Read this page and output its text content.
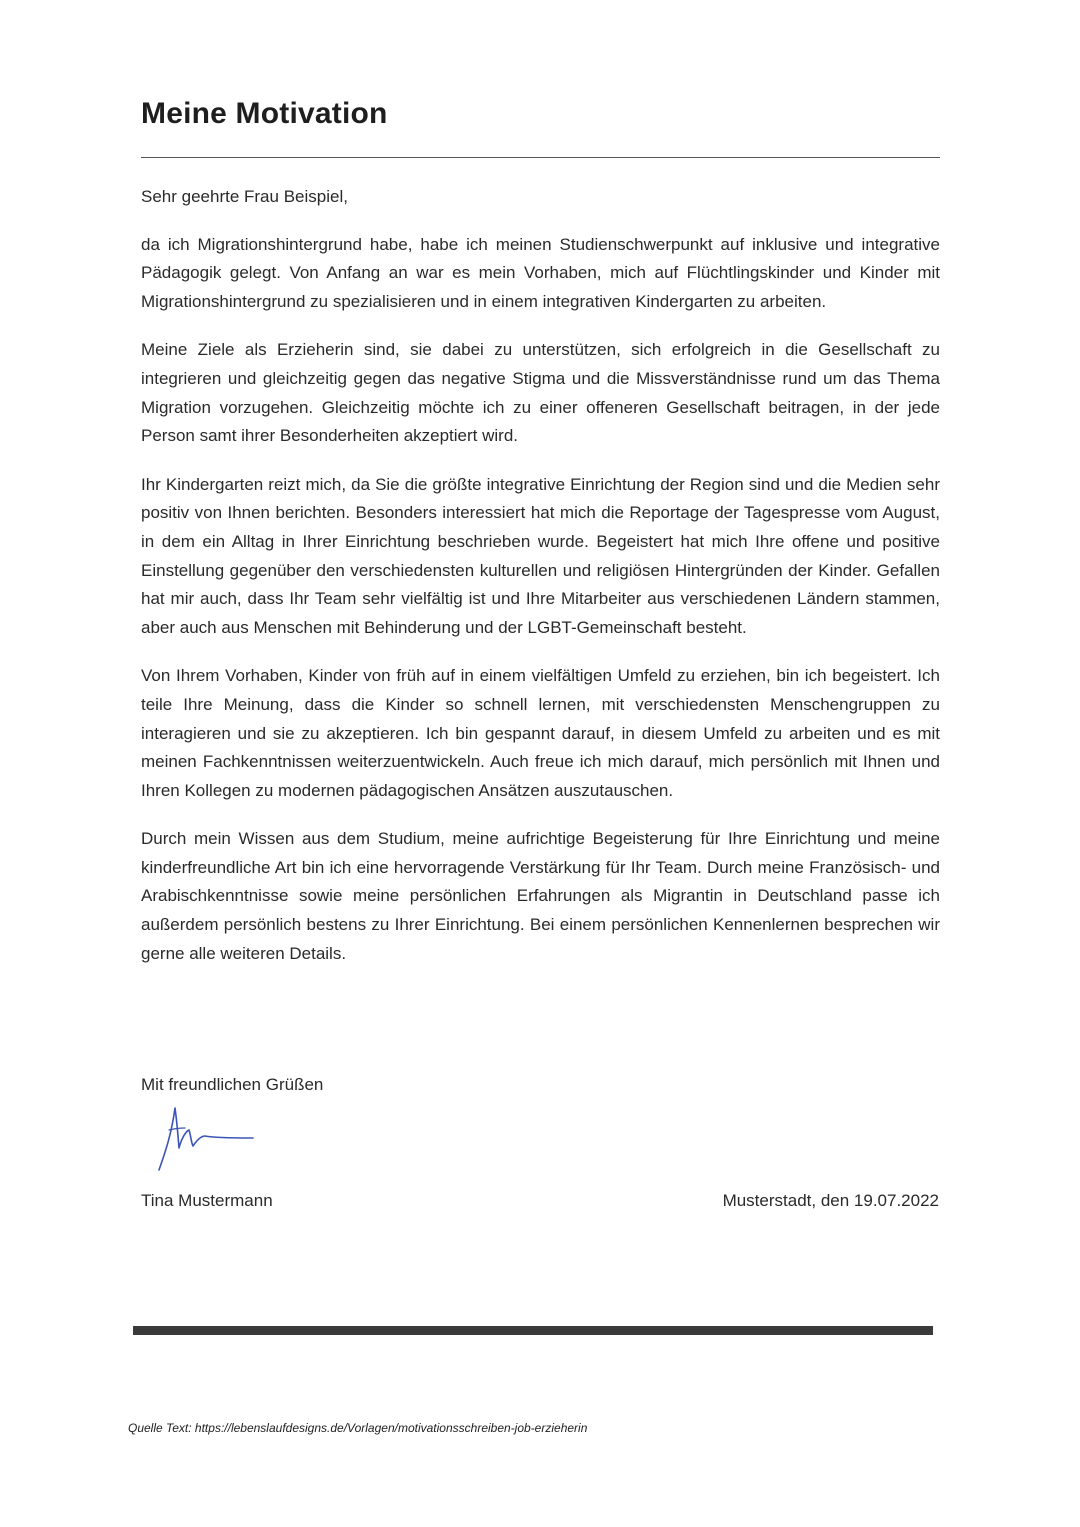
Meine Motivation

Sehr geehrte Frau Beispiel,

da ich Migrationshintergrund habe, habe ich meinen Studienschwerpunkt auf inklusive und integrative Pädagogik gelegt. Von Anfang an war es mein Vorhaben, mich auf Flüchtlingskinder und Kinder mit Migrationshintergrund zu spezialisieren und in einem integrativen Kindergarten zu arbeiten.

Meine Ziele als Erzieherin sind, sie dabei zu unterstützen, sich erfolgreich in die Gesellschaft zu integrieren und gleichzeitig gegen das negative Stigma und die Missverständnisse rund um das Thema Migration vorzugehen. Gleichzeitig möchte ich zu einer offeneren Gesellschaft beitragen, in der jede Person samt ihrer Besonderheiten akzeptiert wird.

Ihr Kindergarten reizt mich, da Sie die größte integrative Einrichtung der Region sind und die Medien sehr positiv von Ihnen berichten. Besonders interessiert hat mich die Reportage der Tagespresse vom August, in dem ein Alltag in Ihrer Einrichtung beschrieben wurde. Begeistert hat mich Ihre offene und positive Einstellung gegenüber den verschiedensten kulturellen und religiösen Hintergründen der Kinder. Gefallen hat mir auch, dass Ihr Team sehr vielfältig ist und Ihre Mitarbeiter aus verschiedenen Ländern stammen, aber auch aus Menschen mit Behinderung und der LGBT-Gemeinschaft besteht.

Von Ihrem Vorhaben, Kinder von früh auf in einem vielfältigen Umfeld zu erziehen, bin ich begeistert. Ich teile Ihre Meinung, dass die Kinder so schnell lernen, mit verschiedensten Menschengruppen zu interagieren und sie zu akzeptieren. Ich bin gespannt darauf, in diesem Umfeld zu arbeiten und es mit meinen Fachkenntnissen weiterzuentwickeln. Auch freue ich mich darauf, mich persönlich mit Ihnen und Ihren Kollegen zu modernen pädagogischen Ansätzen auszutauschen.

Durch mein Wissen aus dem Studium, meine aufrichtige Begeisterung für Ihre Einrichtung und meine kinderfreundliche Art bin ich eine hervorragende Verstärkung für Ihr Team. Durch meine Französisch- und Arabischkenntnisse sowie meine persönlichen Erfahrungen als Migrantin in Deutschland passe ich außerdem persönlich bestens zu Ihrer Einrichtung. Bei einem persönlichen Kennenlernen besprechen wir gerne alle weiteren Details.

Mit freundlichen Grüßen

Tina Mustermann	Musterstadt, den 19.07.2022

Quelle Text: https://lebenslaufdesigns.de/Vorlagen/motivationsschreiben-job-erzieherin
